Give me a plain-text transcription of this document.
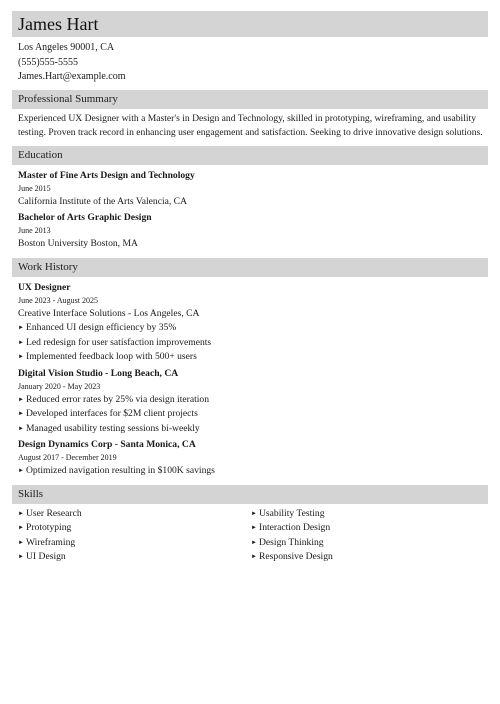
James Hart
Los Angeles 90001, CA
(555)555-5555
James.Hart@example.com
Professional Summary
Experienced UX Designer with a Master's in Design and Technology, skilled in prototyping, wireframing, and usability testing. Proven track record in enhancing user engagement and satisfaction. Seeking to drive innovative design solutions.
Education
Master of Fine Arts Design and Technology
June 2015
California Institute of the Arts Valencia, CA
Bachelor of Arts Graphic Design
June 2013
Boston University Boston, MA
Work History
UX Designer
June 2023 - August 2025
Creative Interface Solutions - Los Angeles, CA
► Enhanced UI design efficiency by 35%
► Led redesign for user satisfaction improvements
► Implemented feedback loop with 500+ users
Digital Vision Studio - Long Beach, CA
January 2020 - May 2023
► Reduced error rates by 25% via design iteration
► Developed interfaces for $2M client projects
► Managed usability testing sessions bi-weekly
Design Dynamics Corp - Santa Monica, CA
August 2017 - December 2019
► Optimized navigation resulting in $100K savings
Skills
► User Research
► Prototyping
► Wireframing
► UI Design
► Usability Testing
► Interaction Design
► Design Thinking
► Responsive Design
